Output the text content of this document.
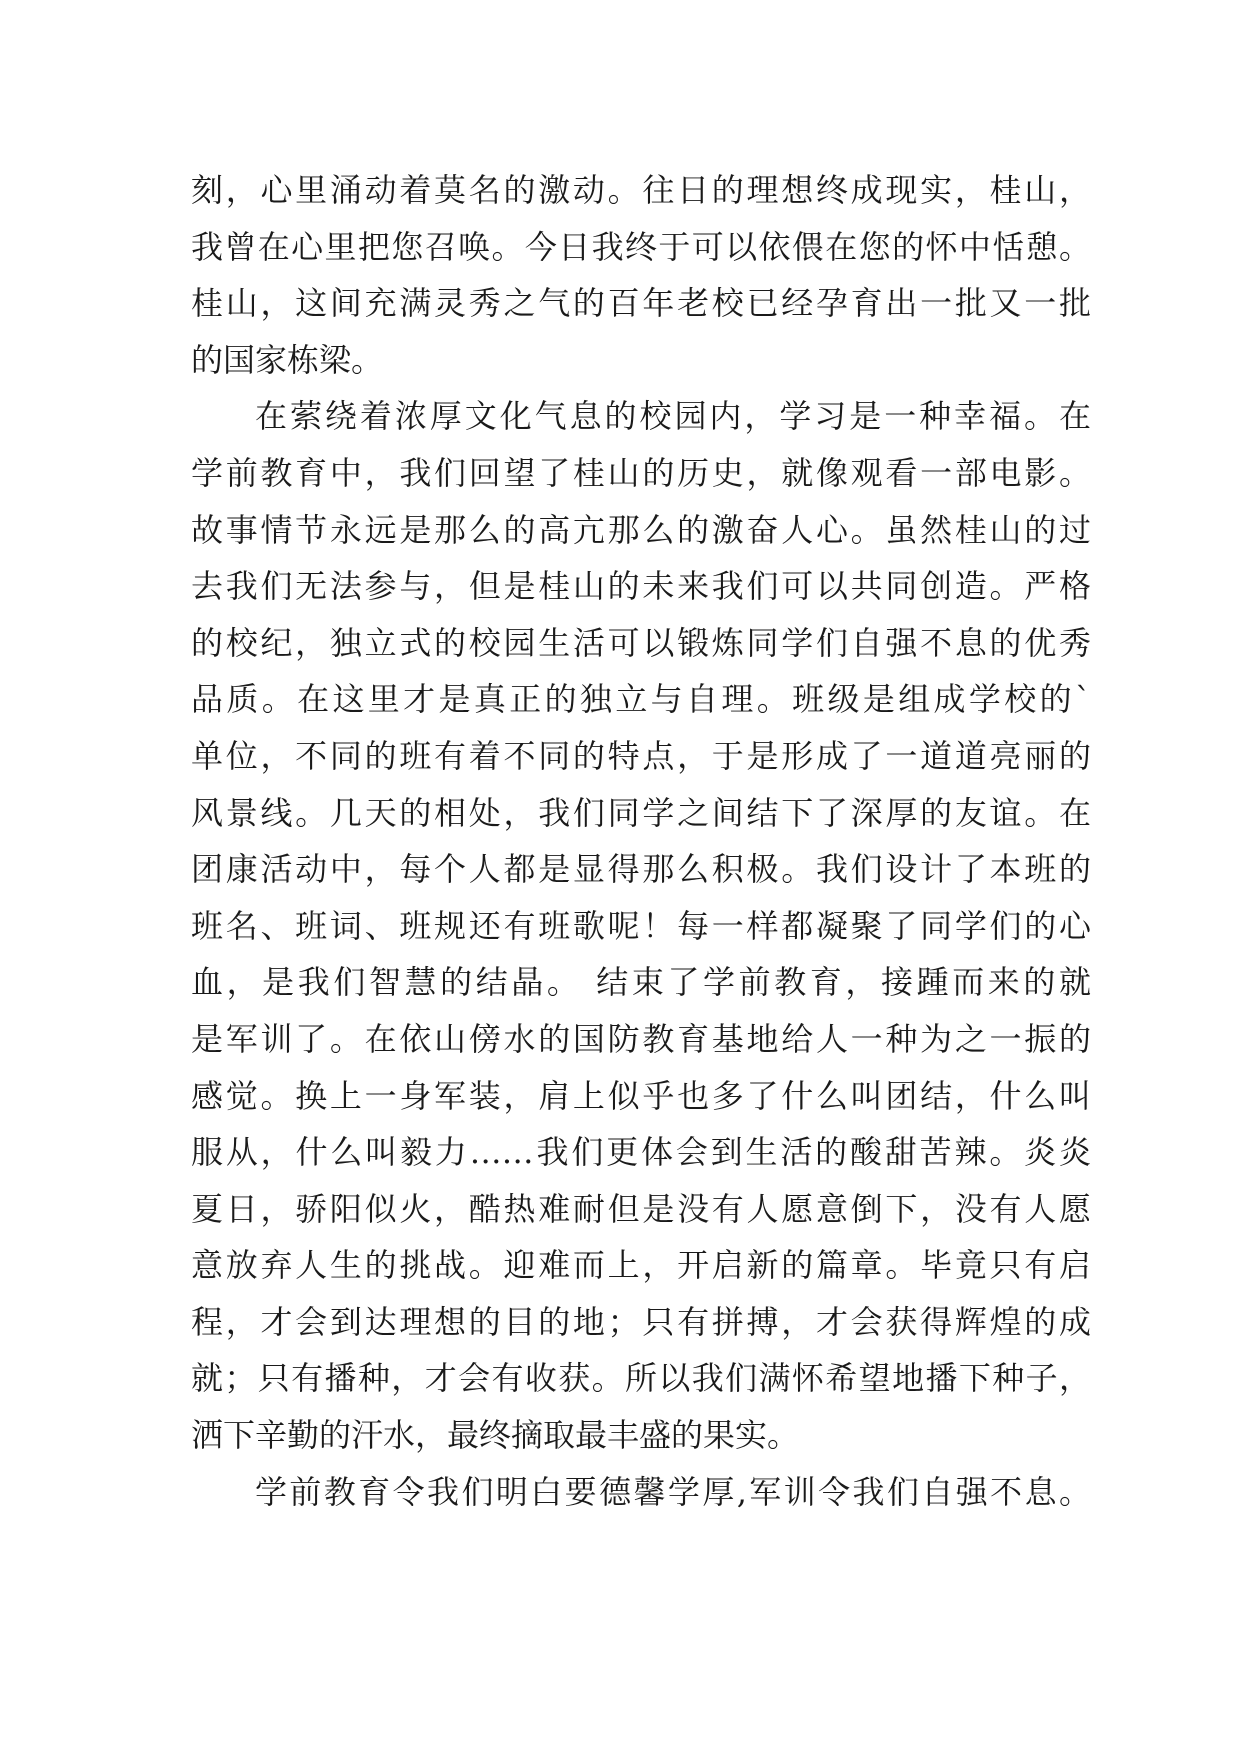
刻，心里涌动着莫名的激动。往日的理想终成现实，桂山，
我曾在心里把您召唤。今日我终于可以依偎在您的怀中恬憩。
桂山，这间充满灵秀之气的百年老校已经孕育出一批又一批
的国家栋梁。
在萦绕着浓厚文化气息的校园内，学习是一种幸福。在
学前教育中，我们回望了桂山的历史，就像观看一部电影。
故事情节永远是那么的高亢那么的激奋人心。虽然桂山的过
去我们无法参与，但是桂山的未来我们可以共同创造。严格
的校纪，独立式的校园生活可以锻炼同学们自强不息的优秀
品质。在这里才是真正的独立与自理。班级是组成学校的`
单位，不同的班有着不同的特点，于是形成了一道道亮丽的
风景线。几天的相处，我们同学之间结下了深厚的友谊。在
团康活动中，每个人都是显得那么积极。我们设计了本班的
班名、班词、班规还有班歌呢！每一样都凝聚了同学们的心
血，是我们智慧的结晶。 结束了学前教育，接踵而来的就
是军训了。在依山傍水的国防教育基地给人一种为之一振的
感觉。换上一身军装，肩上似乎也多了什么叫团结，什么叫
服从，什么叫毅力……我们更体会到生活的酸甜苦辣。炎炎
夏日，骄阳似火，酷热难耐但是没有人愿意倒下，没有人愿
意放弃人生的挑战。迎难而上，开启新的篇章。毕竟只有启
程，才会到达理想的目的地；只有拼搏，才会获得辉煌的成
就；只有播种，才会有收获。所以我们满怀希望地播下种子，
洒下辛勤的汗水，最终摘取最丰盛的果实。
学前教育令我们明白要德馨学厚,军训令我们自强不息。
